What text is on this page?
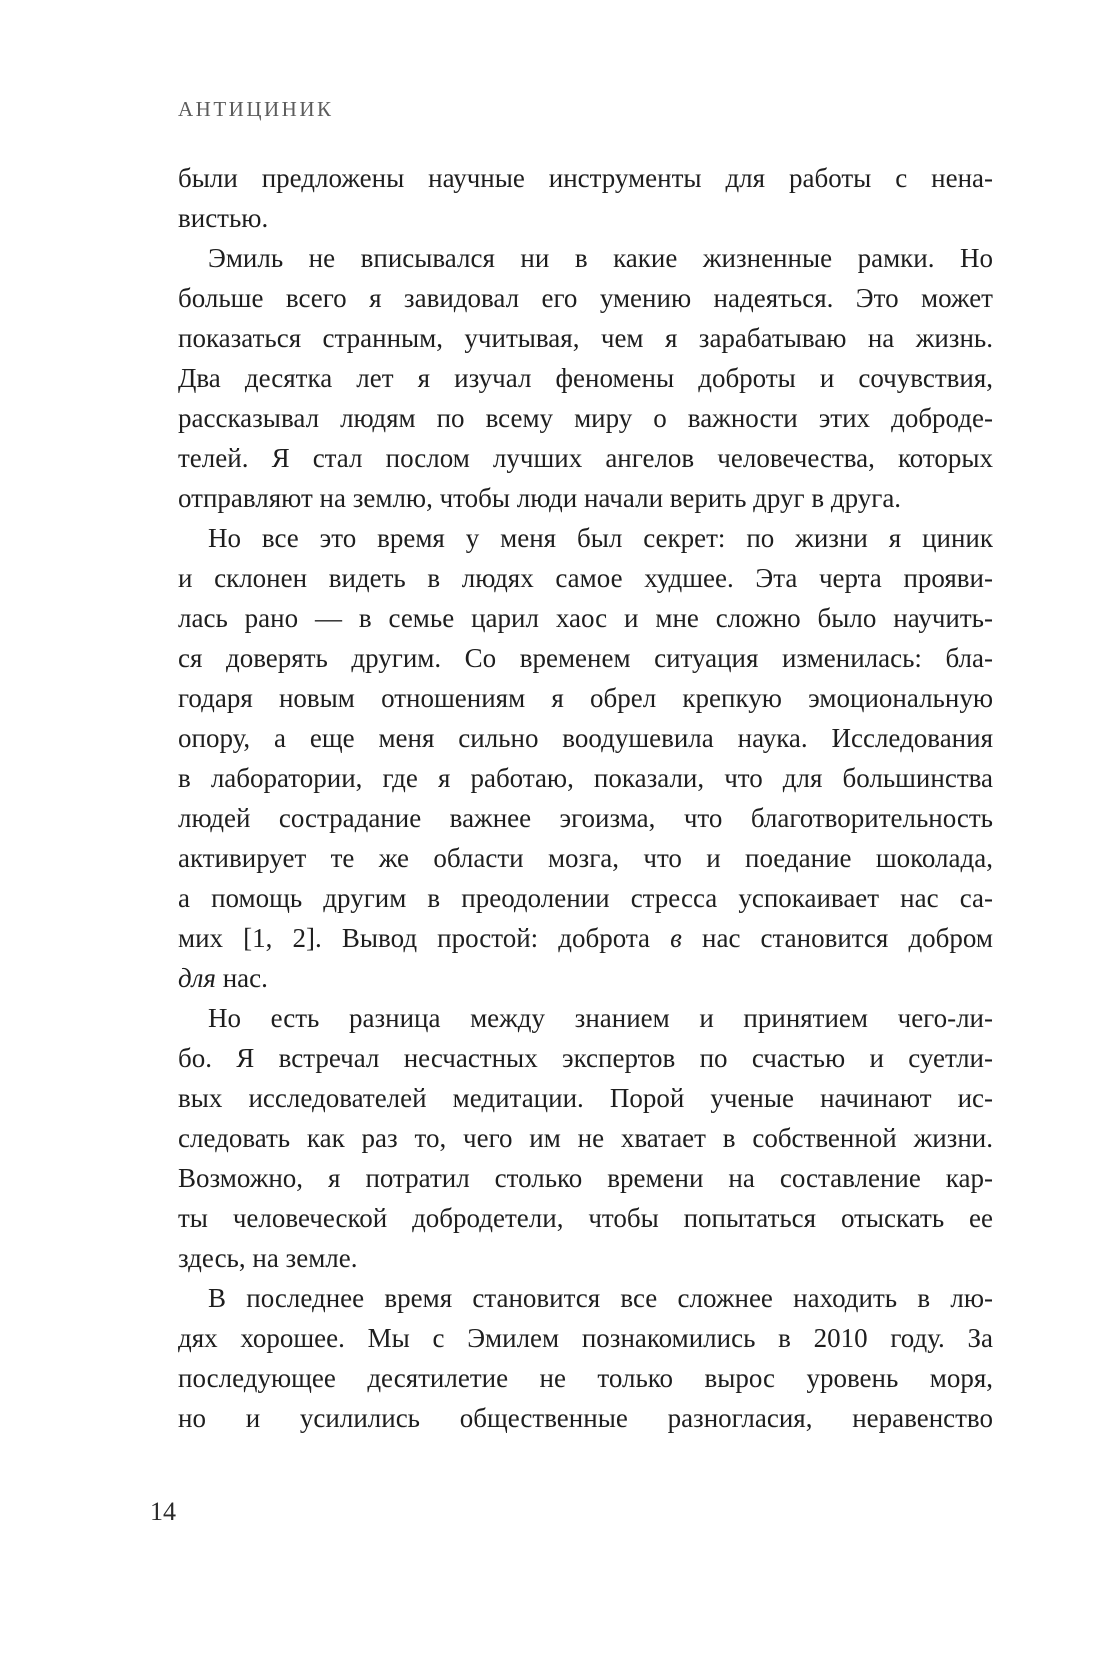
АНТИЦИНИК
были предложены научные инструменты для работы с нена-
вистью.
Эмиль не вписывался ни в какие жизненные рамки. Но
больше всего я завидовал его умению надеяться. Это может
показаться странным, учитывая, чем я зарабатываю на жизнь.
Два десятка лет я изучал феномены доброты и сочувствия,
рассказывал людям по всему миру о важности этих доброде-
телей. Я стал послом лучших ангелов человечества, которых
отправляют на землю, чтобы люди начали верить друг в друга.
Но все это время у меня был секрет: по жизни я циник
и склонен видеть в людях самое худшее. Эта черта прояви-
лась рано — в семье царил хаос и мне сложно было научить-
ся доверять другим. Со временем ситуация изменилась: бла-
годаря новым отношениям я обрел крепкую эмоциональную
опору, а еще меня сильно воодушевила наука. Исследования
в лаборатории, где я работаю, показали, что для большинства
людей сострадание важнее эгоизма, что благотворительность
активирует те же области мозга, что и поедание шоколада,
а помощь другим в преодолении стресса успокаивает нас са-
мих [1, 2]. Вывод простой: доброта в нас становится добром
для нас.
Но есть разница между знанием и принятием чего-ли-
бо. Я встречал несчастных экспертов по счастью и суетли-
вых исследователей медитации. Порой ученые начинают ис-
следовать как раз то, чего им не хватает в собственной жизни.
Возможно, я потратил столько времени на составление кар-
ты человеческой добродетели, чтобы попытаться отыскать ее
здесь, на земле.
В последнее время становится все сложнее находить в лю-
дях хорошее. Мы с Эмилем познакомились в 2010 году. За
последующее десятилетие не только вырос уровень моря,
но и усилились общественные разногласия, неравенство
14
